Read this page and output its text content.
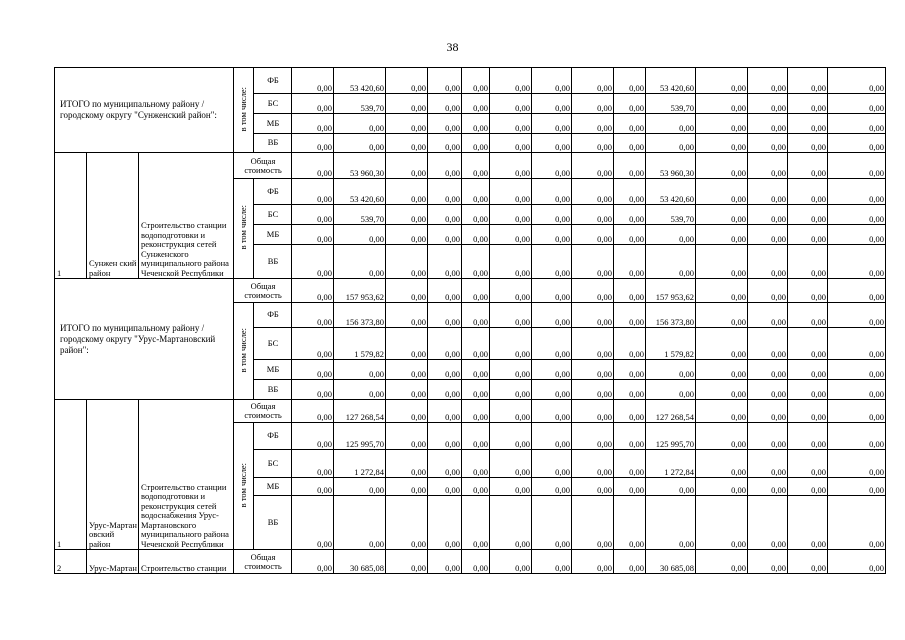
38
ИТОГО по муниципальному району / городскому округу "Сунженский район":			в том числе:	ФБ	0,00	53 420,60	0,00	0,00	0,00	0,00	0,00	0,00	0,00	53 420,60	0,00	0,00	0,00	0,00
				БС	0,00	539,70	0,00	0,00	0,00	0,00	0,00	0,00	0,00	539,70	0,00	0,00	0,00	0,00
				МБ	0,00	0,00	0,00	0,00	0,00	0,00	0,00	0,00	0,00	0,00	0,00	0,00	0,00	0,00
				ВБ	0,00	0,00	0,00	0,00	0,00	0,00	0,00	0,00	0,00	0,00	0,00	0,00	0,00	0,00
1	Сунжен ский район	Строительство станции водоподготовки и реконструкция сетей Сунженского муниципального района Чеченской Республики	Общая стоимость		0,00	53 960,30	0,00	0,00	0,00	0,00	0,00	0,00	0,00	53 960,30	0,00	0,00	0,00	0,00
			в том числе:	ФБ	0,00	53 420,60	0,00	0,00	0,00	0,00	0,00	0,00	0,00	53 420,60	0,00	0,00	0,00	0,00
				БС	0,00	539,70	0,00	0,00	0,00	0,00	0,00	0,00	0,00	539,70	0,00	0,00	0,00	0,00
				МБ	0,00	0,00	0,00	0,00	0,00	0,00	0,00	0,00	0,00	0,00	0,00	0,00	0,00	0,00
				ВБ	0,00	0,00	0,00	0,00	0,00	0,00	0,00	0,00	0,00	0,00	0,00	0,00	0,00	0,00
ИТОГО по муниципальному району / городскому округу "Урус-Мартановский район":			Общая стоимость		0,00	157 953,62	0,00	0,00	0,00	0,00	0,00	0,00	0,00	157 953,62	0,00	0,00	0,00	0,00
			в том числе:	ФБ	0,00	156 373,80	0,00	0,00	0,00	0,00	0,00	0,00	0,00	156 373,80	0,00	0,00	0,00	0,00
				БС	0,00	1 579,82	0,00	0,00	0,00	0,00	0,00	0,00	0,00	1 579,82	0,00	0,00	0,00	0,00
				МБ	0,00	0,00	0,00	0,00	0,00	0,00	0,00	0,00	0,00	0,00	0,00	0,00	0,00	0,00
				ВБ	0,00	0,00	0,00	0,00	0,00	0,00	0,00	0,00	0,00	0,00	0,00	0,00	0,00	0,00
1	Урус-Мартан овский район	Строительство станции водоподготовки и реконструкция сетей водоснабжения Урус-Мартановского муниципального района Чеченской Республики	Общая стоимость		0,00	127 268,54	0,00	0,00	0,00	0,00	0,00	0,00	0,00	127 268,54	0,00	0,00	0,00	0,00
			в том числе:	ФБ	0,00	125 995,70	0,00	0,00	0,00	0,00	0,00	0,00	0,00	125 995,70	0,00	0,00	0,00	0,00
				БС	0,00	1 272,84	0,00	0,00	0,00	0,00	0,00	0,00	0,00	1 272,84	0,00	0,00	0,00	0,00
				МБ	0,00	0,00	0,00	0,00	0,00	0,00	0,00	0,00	0,00	0,00	0,00	0,00	0,00	0,00
				ВБ	0,00	0,00	0,00	0,00	0,00	0,00	0,00	0,00	0,00	0,00	0,00	0,00	0,00	0,00
2	Урус-Мартан	Строительство станции	Общая стоимость		0,00	30 685,08	0,00	0,00	0,00	0,00	0,00	0,00	0,00	30 685,08	0,00	0,00	0,00	0,00
